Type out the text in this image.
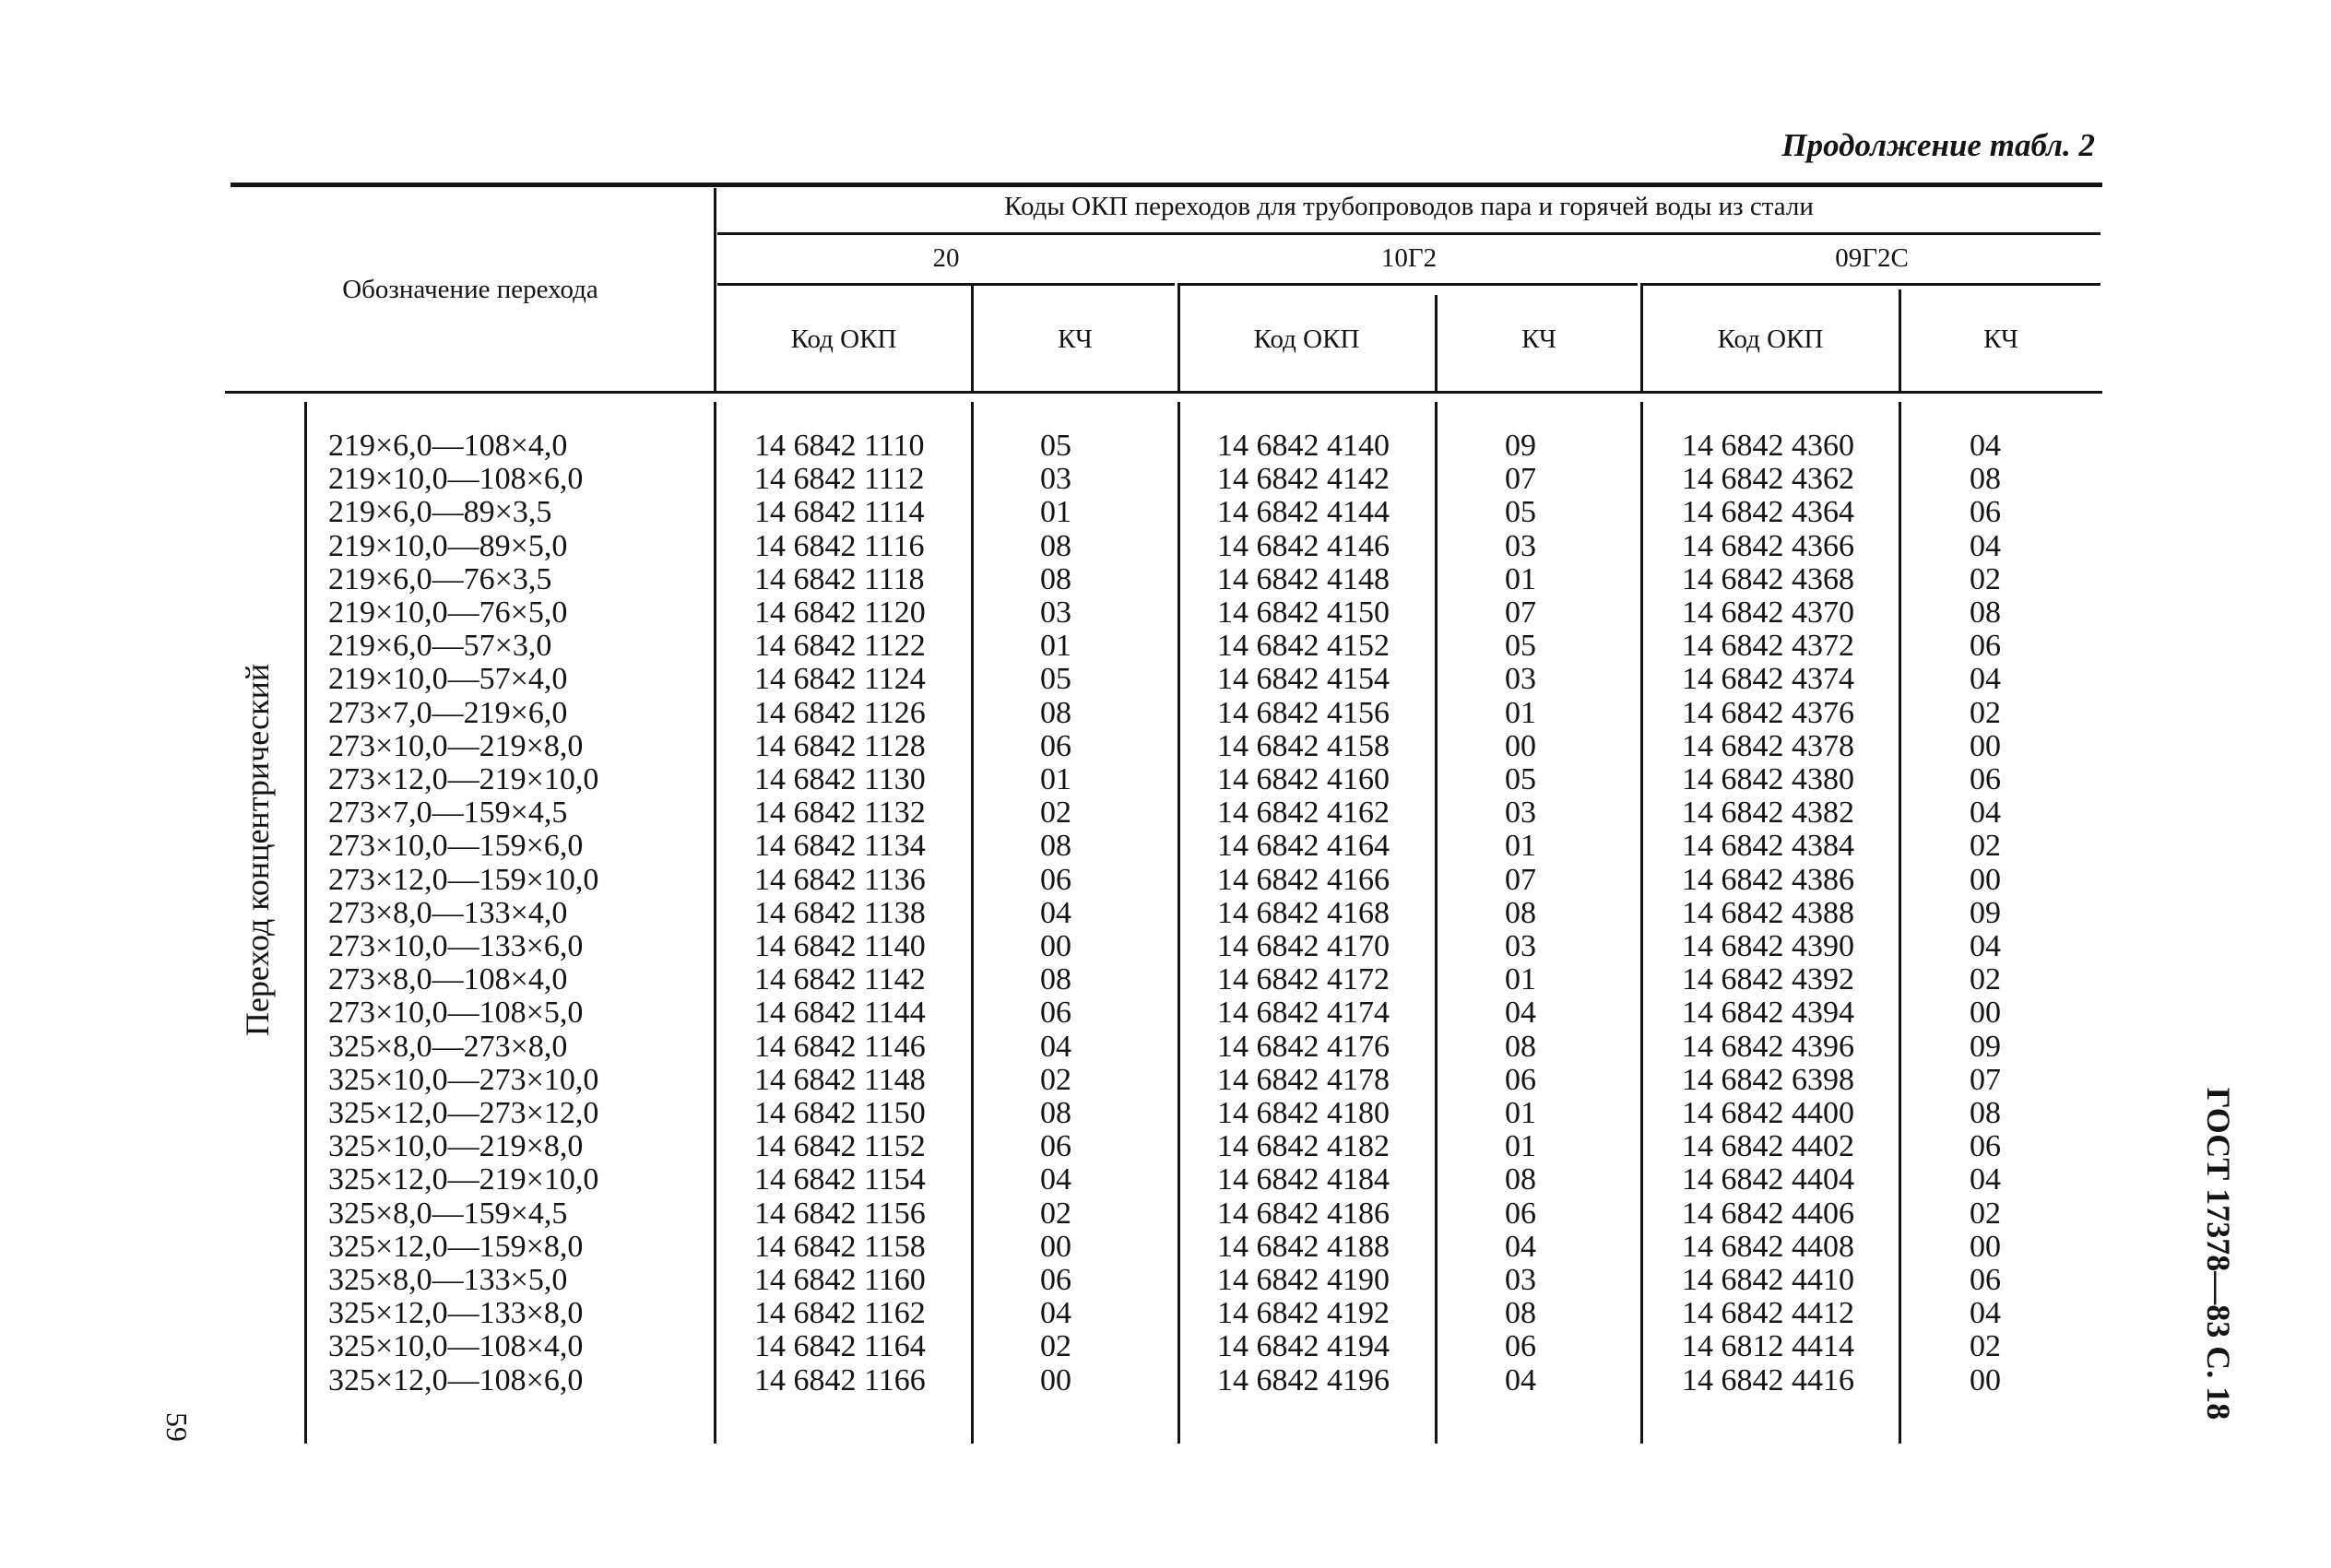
Продолжение табл. 2
Обозначение перехода
Коды ОКП переходов для трубопроводов пара и горячей воды из стали
20	10Г2	09Г2С
Код ОКП	КЧ	Код ОКП	КЧ	Код ОКП	КЧ
Переход концентрический
ГОСТ 17378—83 С. 18
59
219×6,0—108×4,0	14 6842 1110	05	14 6842 4140	09	14 6842 4360	04
219×10,0—108×6,0	14 6842 1112	03	14 6842 4142	07	14 6842 4362	08
219×6,0—89×3,5	14 6842 1114	01	14 6842 4144	05	14 6842 4364	06
219×10,0—89×5,0	14 6842 1116	08	14 6842 4146	03	14 6842 4366	04
219×6,0—76×3,5	14 6842 1118	08	14 6842 4148	01	14 6842 4368	02
219×10,0—76×5,0	14 6842 1120	03	14 6842 4150	07	14 6842 4370	08
219×6,0—57×3,0	14 6842 1122	01	14 6842 4152	05	14 6842 4372	06
219×10,0—57×4,0	14 6842 1124	05	14 6842 4154	03	14 6842 4374	04
273×7,0—219×6,0	14 6842 1126	08	14 6842 4156	01	14 6842 4376	02
273×10,0—219×8,0	14 6842 1128	06	14 6842 4158	00	14 6842 4378	00
273×12,0—219×10,0	14 6842 1130	01	14 6842 4160	05	14 6842 4380	06
273×7,0—159×4,5	14 6842 1132	02	14 6842 4162	03	14 6842 4382	04
273×10,0—159×6,0	14 6842 1134	08	14 6842 4164	01	14 6842 4384	02
273×12,0—159×10,0	14 6842 1136	06	14 6842 4166	07	14 6842 4386	00
273×8,0—133×4,0	14 6842 1138	04	14 6842 4168	08	14 6842 4388	09
273×10,0—133×6,0	14 6842 1140	00	14 6842 4170	03	14 6842 4390	04
273×8,0—108×4,0	14 6842 1142	08	14 6842 4172	01	14 6842 4392	02
273×10,0—108×5,0	14 6842 1144	06	14 6842 4174	04	14 6842 4394	00
325×8,0—273×8,0	14 6842 1146	04	14 6842 4176	08	14 6842 4396	09
325×10,0—273×10,0	14 6842 1148	02	14 6842 4178	06	14 6842 6398	07
325×12,0—273×12,0	14 6842 1150	08	14 6842 4180	01	14 6842 4400	08
325×10,0—219×8,0	14 6842 1152	06	14 6842 4182	01	14 6842 4402	06
325×12,0—219×10,0	14 6842 1154	04	14 6842 4184	08	14 6842 4404	04
325×8,0—159×4,5	14 6842 1156	02	14 6842 4186	06	14 6842 4406	02
325×12,0—159×8,0	14 6842 1158	00	14 6842 4188	04	14 6842 4408	00
325×8,0—133×5,0	14 6842 1160	06	14 6842 4190	03	14 6842 4410	06
325×12,0—133×8,0	14 6842 1162	04	14 6842 4192	08	14 6842 4412	04
325×10,0—108×4,0	14 6842 1164	02	14 6842 4194	06	14 6812 4414	02
325×12,0—108×6,0	14 6842 1166	00	14 6842 4196	04	14 6842 4416	00
